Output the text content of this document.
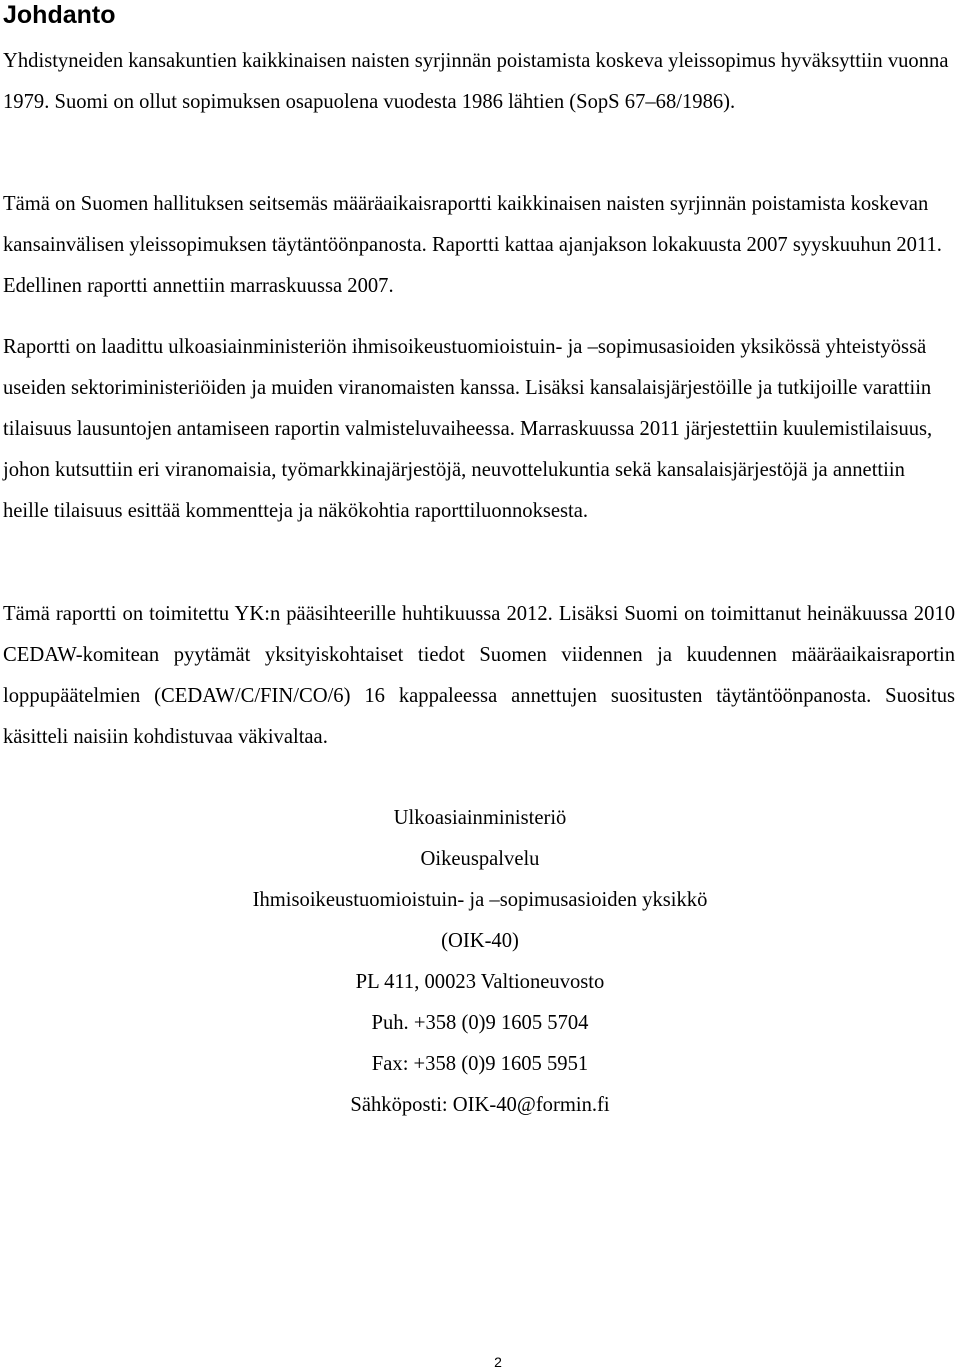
Johdanto

Yhdistyneiden kansakuntien kaikkinaisen naisten syrjinnän poistamista koskeva yleissopimus hyväksyttiin vuonna 1979. Suomi on ollut sopimuksen osapuolena vuodesta 1986 lähtien (SopS 67–68/1986).

Tämä on Suomen hallituksen seitsemäs määräaikaisraportti kaikkinaisen naisten syrjinnän poistamista koskevan kansainvälisen yleissopimuksen täytäntöönpanosta. Raportti kattaa ajanjakson lokakuusta 2007 syyskuuhun 2011. Edellinen raportti annettiin marraskuussa 2007.

Raportti on laadittu ulkoasiainministeriön ihmisoikeustuomioistuin- ja –sopimusasioiden yksikössä yhteistyössä useiden sektoriministeriöiden ja muiden viranomaisten kanssa. Lisäksi kansalaisjärjestöille ja tutkijoille varattiin tilaisuus lausuntojen antamiseen raportin valmisteluvaiheessa. Marraskuussa 2011 järjestettiin kuulemistilaisuus, johon kutsuttiin eri viranomaisia, työmarkkinajärjestöjä, neuvottelukuntia sekä kansalaisjärjestöjä ja annettiin heille tilaisuus esittää kommentteja ja näkökohtia raporttiluonnoksesta.

Tämä raportti on toimitettu YK:n pääsihteerille huhtikuussa 2012. Lisäksi Suomi on toimittanut heinäkuussa 2010 CEDAW-komitean pyytämät yksityiskohtaiset tiedot Suomen viidennen ja kuudennen määräaikaisraportin loppupäätelmien (CEDAW/C/FIN/CO/6) 16 kappaleessa annettujen suositusten täytäntöönpanosta. Suositus käsitteli naisiin kohdistuvaa väkivaltaa.

Ulkoasiainministeriö
Oikeuspalvelu
Ihmisoikeustuomioistuin- ja –sopimusasioiden yksikkö
(OIK-40)
PL 411, 00023 Valtioneuvosto
Puh. +358 (0)9 1605 5704
Fax: +358 (0)9 1605 5951
Sähköposti: OIK-40@formin.fi
2
